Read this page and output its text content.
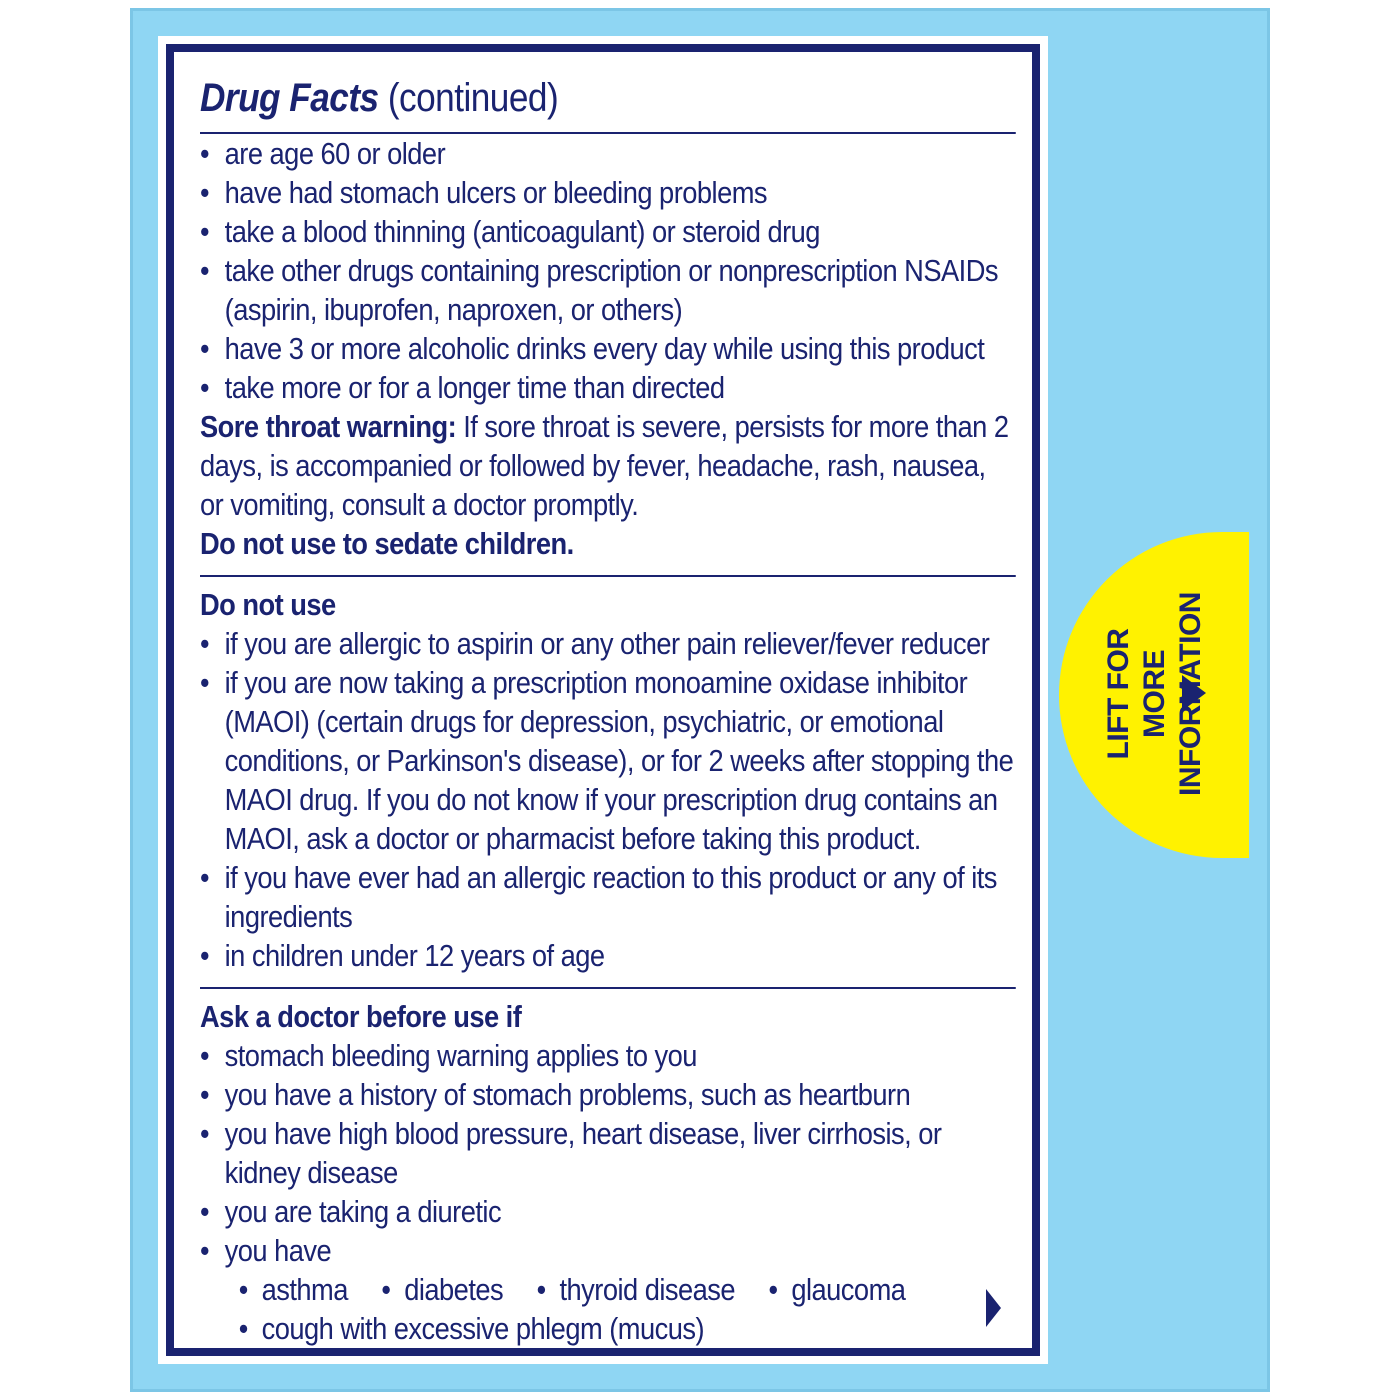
Drug Facts (continued)
• are age 60 or older
• have had stomach ulcers or bleeding problems
• take a blood thinning (anticoagulant) or steroid drug
• take other drugs containing prescription or nonprescription NSAIDs (aspirin, ibuprofen, naproxen, or others)
• have 3 or more alcoholic drinks every day while using this product
• take more or for a longer time than directed
Sore throat warning: If sore throat is severe, persists for more than 2 days, is accompanied or followed by fever, headache, rash, nausea, or vomiting, consult a doctor promptly.
Do not use to sedate children.
Do not use
• if you are allergic to aspirin or any other pain reliever/fever reducer
• if you are now taking a prescription monoamine oxidase inhibitor (MAOI) (certain drugs for depression, psychiatric, or emotional conditions, or Parkinson's disease), or for 2 weeks after stopping the MAOI drug. If you do not know if your prescription drug contains an MAOI, ask a doctor or pharmacist before taking this product.
• if you have ever had an allergic reaction to this product or any of its ingredients
• in children under 12 years of age
Ask a doctor before use if
• stomach bleeding warning applies to you
• you have a history of stomach problems, such as heartburn
• you have high blood pressure, heart disease, liver cirrhosis, or kidney disease
• you are taking a diuretic
• you have
• asthma • diabetes • thyroid disease • glaucoma
• cough with excessive phlegm (mucus)
LIFT FOR MORE INFORMATION
